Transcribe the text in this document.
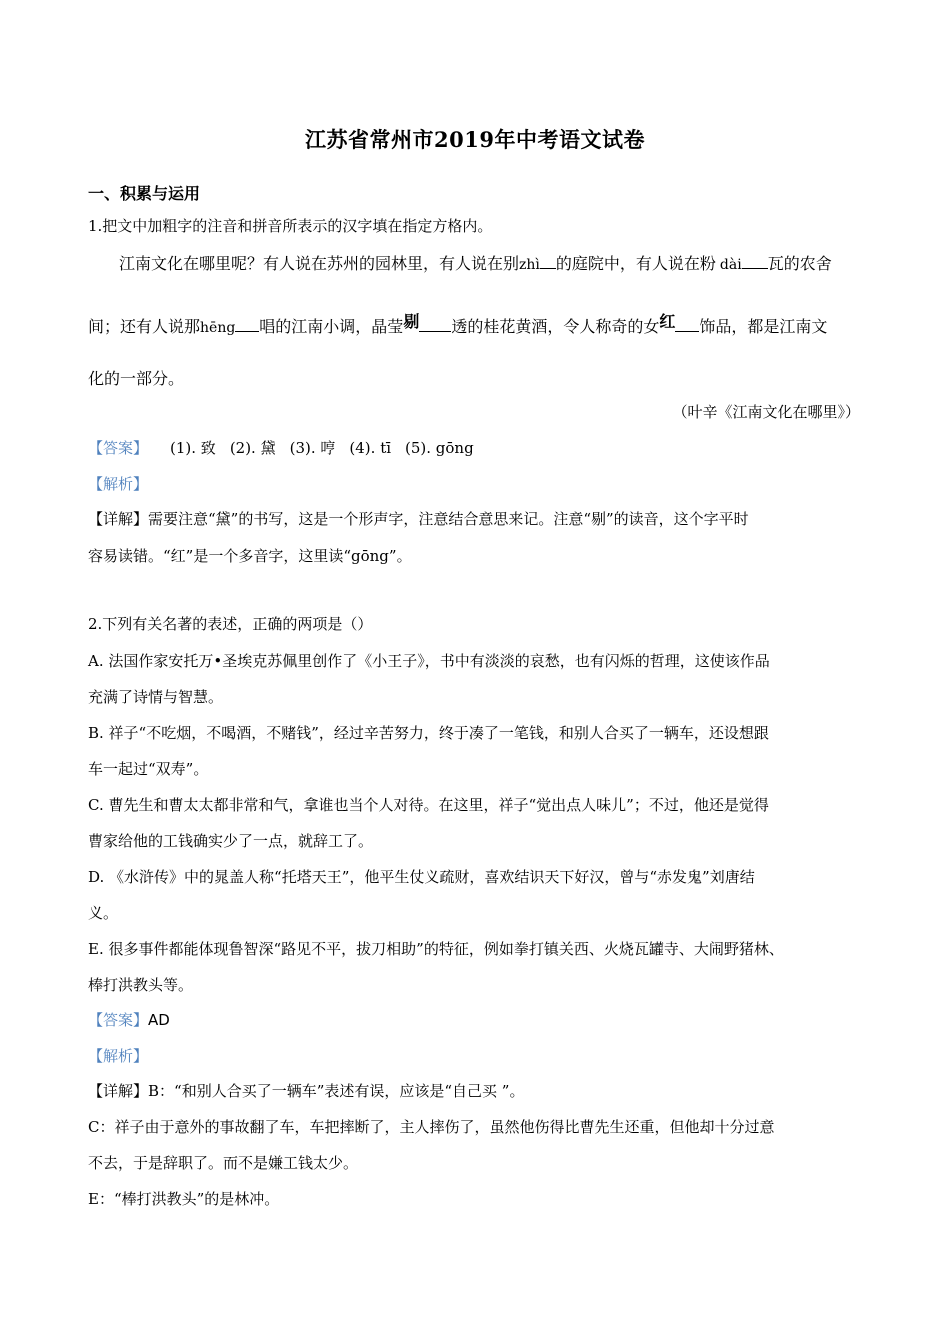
江苏省常州市2019年中考语文试卷
一、积累与运用
1.把文中加粗字的注音和拼音所表示的汉字填在指定方格内。
江南文化在哪里呢？有人说在苏州的园林里，有人说在别zhì 的庭院中，有人说在粉 dài 瓦的农舍
间；还有人说那hēng 唱的江南小调，晶莹剔 透的桂花黄酒，令人称奇的女红 饰品，都是江南文
化的一部分。
（叶辛《江南文化在哪里》）
【答案】 (1). 致 (2). 黛 (3). 哼 (4). tī (5). gōng
【解析】
【详解】需要注意“黛”的书写，这是一个形声字，注意结合意思来记。注意“剔”的读音，这个字平时
容易读错。“红”是一个多音字，这里读“gōng”。
2.下列有关名著的表述，正确的两项是（）
A. 法国作家安托万•圣埃克苏佩里创作了《小王子》，书中有淡淡的哀愁，也有闪烁的哲理，这使该作品
充满了诗情与智慧。
B. 祥子“不吃烟，不喝酒，不赌钱”，经过辛苦努力，终于凑了一笔钱，和别人合买了一辆车，还设想跟
车一起过“双寿”。
C. 曹先生和曹太太都非常和气，拿谁也当个人对待。在这里，祥子“觉出点人味儿”；不过，他还是觉得
曹家给他的工钱确实少了一点，就辞工了。
D. 《水浒传》中的晁盖人称“托塔天王”，他平生仗义疏财，喜欢结识天下好汉，曾与“赤发鬼”刘唐结
义。
E. 很多事件都能体现鲁智深“路见不平，拔刀相助”的特征，例如拳打镇关西、火烧瓦罐寺、大闹野猪林、
棒打洪教头等。
【答案】AD
【解析】
【详解】B：“和别人合买了一辆车”表述有误，应该是“自己买 ”。
C：祥子由于意外的事故翻了车，车把摔断了，主人摔伤了，虽然他伤得比曹先生还重，但他却十分过意
不去，于是辞职了。而不是嫌工钱太少。
E：“棒打洪教头”的是林冲。
